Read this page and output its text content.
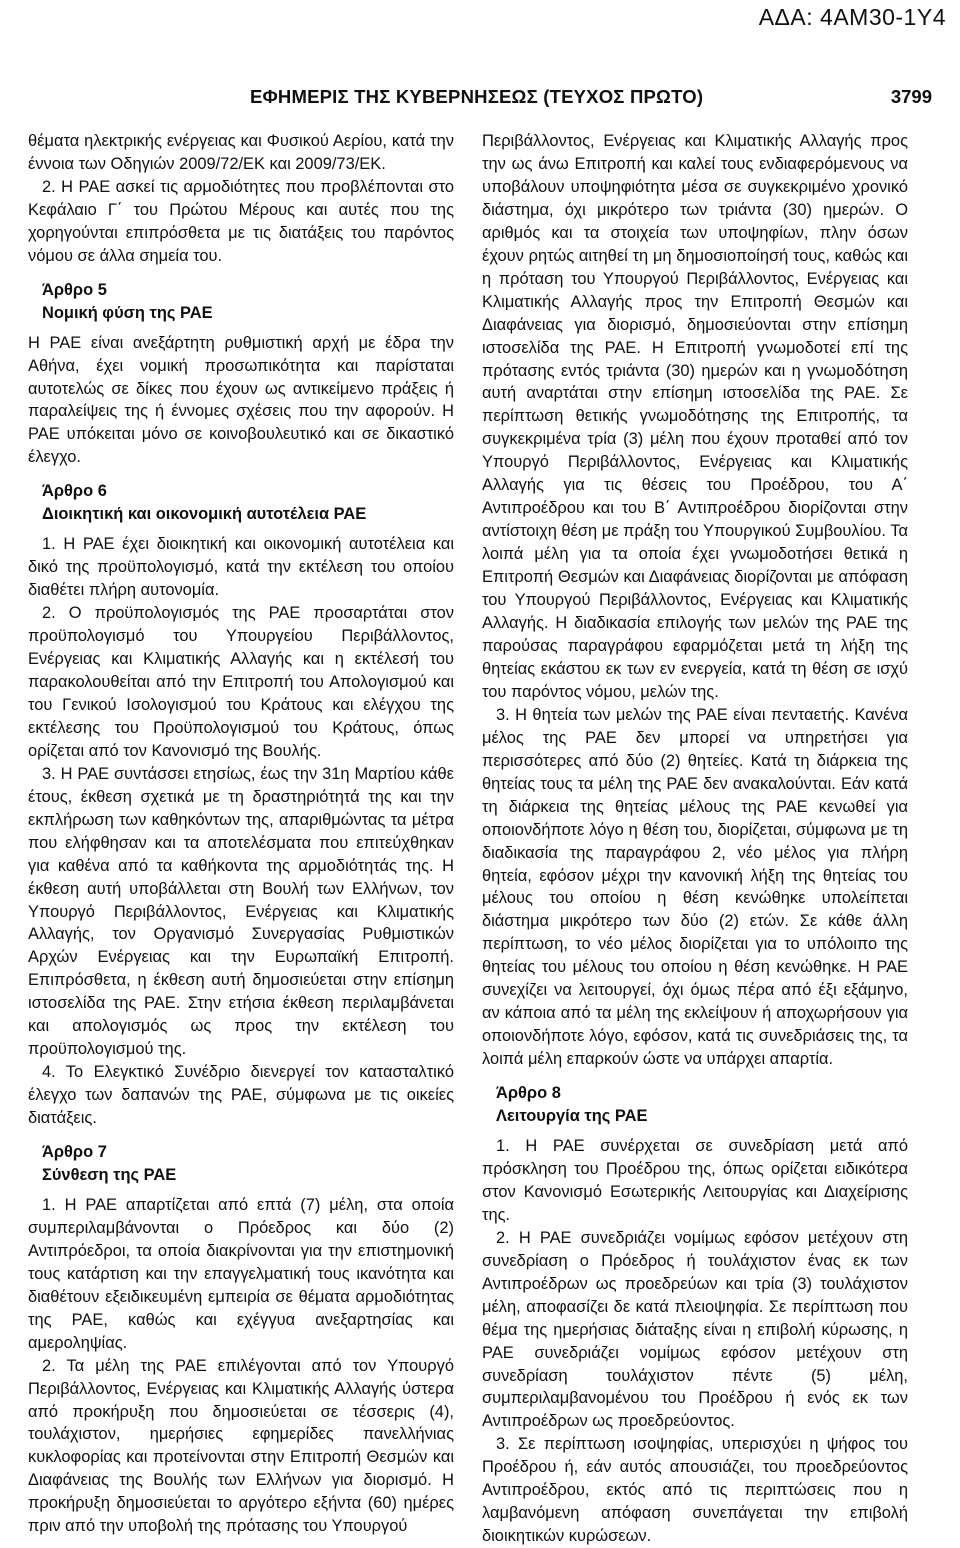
ΑΔΑ: 4ΑΜ30-1Υ4
ΕΦΗΜΕΡΙΣ ΤΗΣ ΚΥΒΕΡΝΗΣΕΩΣ (ΤΕΥΧΟΣ ΠΡΩΤΟ)	3799

θέματα ηλεκτρικής ενέργειας και Φυσικού Αερίου, κατά την έννοια των Οδηγιών 2009/72/ΕΚ και 2009/73/ΕΚ.

2. Η ΡΑΕ ασκεί τις αρμοδιότητες που προβλέπονται στο Κεφάλαιο Γ΄ του Πρώτου Μέρους και αυτές που της χορηγούνται επιπρόσθετα με τις διατάξεις του παρόντος νόμου σε άλλα σημεία του.

Άρθρο 5

Νομική φύση της ΡΑΕ

Η ΡΑΕ είναι ανεξάρτητη ρυθμιστική αρχή με έδρα την Αθήνα, έχει νομική προσωπικότητα και παρίσταται αυτοτελώς σε δίκες που έχουν ως αντικείμενο πράξεις ή παραλείψεις της ή έννομες σχέσεις που την αφορούν. Η ΡΑΕ υπόκειται μόνο σε κοινοβουλευτικό και σε δικαστικό έλεγχο.

Άρθρο 6

Διοικητική και οικονομική αυτοτέλεια ΡΑΕ

1. Η ΡΑΕ έχει διοικητική και οικονομική αυτοτέλεια και δικό της προϋπολογισμό, κατά την εκτέλεση του οποίου διαθέτει πλήρη αυτονομία.

2. Ο προϋπολογισμός της ΡΑΕ προσαρτάται στον προϋπολογισμό του Υπουργείου Περιβάλλοντος, Ενέργειας και Κλιματικής Αλλαγής και η εκτέλεσή του παρακολουθείται από την Επιτροπή του Απολογισμού και του Γενικού Ισολογισμού του Κράτους και ελέγχου της εκτέλεσης του Προϋπολογισμού του Κράτους, όπως ορίζεται από τον Κανονισμό της Βουλής.

3. Η ΡΑΕ συντάσσει ετησίως, έως την 31η Μαρτίου κάθε έτους, έκθεση σχετικά με τη δραστηριότητά της και την εκπλήρωση των καθηκόντων της, απαριθμώντας τα μέτρα που ελήφθησαν και τα αποτελέσματα που επιτεύχθηκαν για καθένα από τα καθήκοντα της αρμοδιότητάς της. Η έκθεση αυτή υποβάλλεται στη Βουλή των Ελλήνων, τον Υπουργό Περιβάλλοντος, Ενέργειας και Κλιματικής Αλλαγής, τον Οργανισμό Συνεργασίας Ρυθμιστικών Αρχών Ενέργειας και την Ευρωπαϊκή Επιτροπή. Επιπρόσθετα, η έκθεση αυτή δημοσιεύεται στην επίσημη ιστοσελίδα της ΡΑΕ. Στην ετήσια έκθεση περιλαμβάνεται και απολογισμός ως προς την εκτέλεση του προϋπολογισμού της.

4. Το Ελεγκτικό Συνέδριο διενεργεί τον κατασταλτικό έλεγχο των δαπανών της ΡΑΕ, σύμφωνα με τις οικείες διατάξεις.

Άρθρο 7

Σύνθεση της ΡΑΕ

1. Η ΡΑΕ απαρτίζεται από επτά (7) μέλη, στα οποία συμπεριλαμβάνονται ο Πρόεδρος και δύο (2) Αντιπρόεδροι, τα οποία διακρίνονται για την επιστημονική τους κατάρτιση και την επαγγελματική τους ικανότητα και διαθέτουν εξειδικευμένη εμπειρία σε θέματα αρμοδιότητας της ΡΑΕ, καθώς και εχέγγυα ανεξαρτησίας και αμεροληψίας.

2. Τα μέλη της ΡΑΕ επιλέγονται από τον Υπουργό Περιβάλλοντος, Ενέργειας και Κλιματικής Αλλαγής ύστερα από προκήρυξη που δημοσιεύεται σε τέσσερις (4), τουλάχιστον, ημερήσιες εφημερίδες πανελλήνιας κυκλοφορίας και προτείνονται στην Επιτροπή Θεσμών και Διαφάνειας της Βουλής των Ελλήνων για διορισμό. Η προκήρυξη δημοσιεύεται το αργότερο εξήντα (60) ημέρες πριν από την υποβολή της πρότασης του Υπουργού

Περιβάλλοντος, Ενέργειας και Κλιματικής Αλλαγής προς την ως άνω Επιτροπή και καλεί τους ενδιαφερόμενους να υποβάλουν υποψηφιότητα μέσα σε συγκεκριμένο χρονικό διάστημα, όχι μικρότερο των τριάντα (30) ημερών. Ο αριθμός και τα στοιχεία των υποψηφίων, πλην όσων έχουν ρητώς αιτηθεί τη μη δημοσιοποίησή τους, καθώς και η πρόταση του Υπουργού Περιβάλλοντος, Ενέργειας και Κλιματικής Αλλαγής προς την Επιτροπή Θεσμών και Διαφάνειας για διορισμό, δημοσιεύονται στην επίσημη ιστοσελίδα της ΡΑΕ. Η Επιτροπή γνωμοδοτεί επί της πρότασης εντός τριάντα (30) ημερών και η γνωμοδότηση αυτή αναρτάται στην επίσημη ιστοσελίδα της ΡΑΕ. Σε περίπτωση θετικής γνωμοδότησης της Επιτροπής, τα συγκεκριμένα τρία (3) μέλη που έχουν προταθεί από τον Υπουργό Περιβάλλοντος, Ενέργειας και Κλιματικής Αλλαγής για τις θέσεις του Προέδρου, του Α΄ Αντιπροέδρου και του Β΄ Αντιπροέδρου διορίζονται στην αντίστοιχη θέση με πράξη του Υπουργικού Συμβουλίου. Τα λοιπά μέλη για τα οποία έχει γνωμοδοτήσει θετικά η Επιτροπή Θεσμών και Διαφάνειας διορίζονται με απόφαση του Υπουργού Περιβάλλοντος, Ενέργειας και Κλιματικής Αλλαγής. Η διαδικασία επιλογής των μελών της ΡΑΕ της παρούσας παραγράφου εφαρμόζεται μετά τη λήξη της θητείας εκάστου εκ των εν ενεργεία, κατά τη θέση σε ισχύ του παρόντος νόμου, μελών της.

3. Η θητεία των μελών της ΡΑΕ είναι πενταετής. Κανένα μέλος της ΡΑΕ δεν μπορεί να υπηρετήσει για περισσότερες από δύο (2) θητείες. Κατά τη διάρκεια της θητείας τους τα μέλη της ΡΑΕ δεν ανακαλούνται. Εάν κατά τη διάρκεια της θητείας μέλους της ΡΑΕ κενωθεί για οποιονδήποτε λόγο η θέση του, διορίζεται, σύμφωνα με τη διαδικασία της παραγράφου 2, νέο μέλος για πλήρη θητεία, εφόσον μέχρι την κανονική λήξη της θητείας του μέλους του οποίου η θέση κενώθηκε υπολείπεται διάστημα μικρότερο των δύο (2) ετών. Σε κάθε άλλη περίπτωση, το νέο μέλος διορίζεται για το υπόλοιπο της θητείας του μέλους του οποίου η θέση κενώθηκε. Η ΡΑΕ συνεχίζει να λειτουργεί, όχι όμως πέρα από έξι εξάμηνο, αν κάποια από τα μέλη της εκλείψουν ή αποχωρήσουν για οποιονδήποτε λόγο, εφόσον, κατά τις συνεδριάσεις της, τα λοιπά μέλη επαρκούν ώστε να υπάρχει απαρτία.

Άρθρο 8

Λειτουργία της ΡΑΕ

1. Η ΡΑΕ συνέρχεται σε συνεδρίαση μετά από πρόσκληση του Προέδρου της, όπως ορίζεται ειδικότερα στον Κανονισμό Εσωτερικής Λειτουργίας και Διαχείρισης της.

2. Η ΡΑΕ συνεδριάζει νομίμως εφόσον μετέχουν στη συνεδρίαση ο Πρόεδρος ή τουλάχιστον ένας εκ των Αντιπροέδρων ως προεδρεύων και τρία (3) τουλάχιστον μέλη, αποφασίζει δε κατά πλειοψηφία. Σε περίπτωση που θέμα της ημερήσιας διάταξης είναι η επιβολή κύρωσης, η ΡΑΕ συνεδριάζει νομίμως εφόσον μετέχουν στη συνεδρίαση τουλάχιστον πέντε (5) μέλη, συμπεριλαμβανομένου του Προέδρου ή ενός εκ των Αντιπροέδρων ως προεδρεύοντος.

3. Σε περίπτωση ισοψηφίας, υπερισχύει η ψήφος του Προέδρου ή, εάν αυτός απουσιάζει, του προεδρεύοντος Αντιπροέδρου, εκτός από τις περιπτώσεις που η λαμβανόμενη απόφαση συνεπάγεται την επιβολή διοικητικών κυρώσεων.
